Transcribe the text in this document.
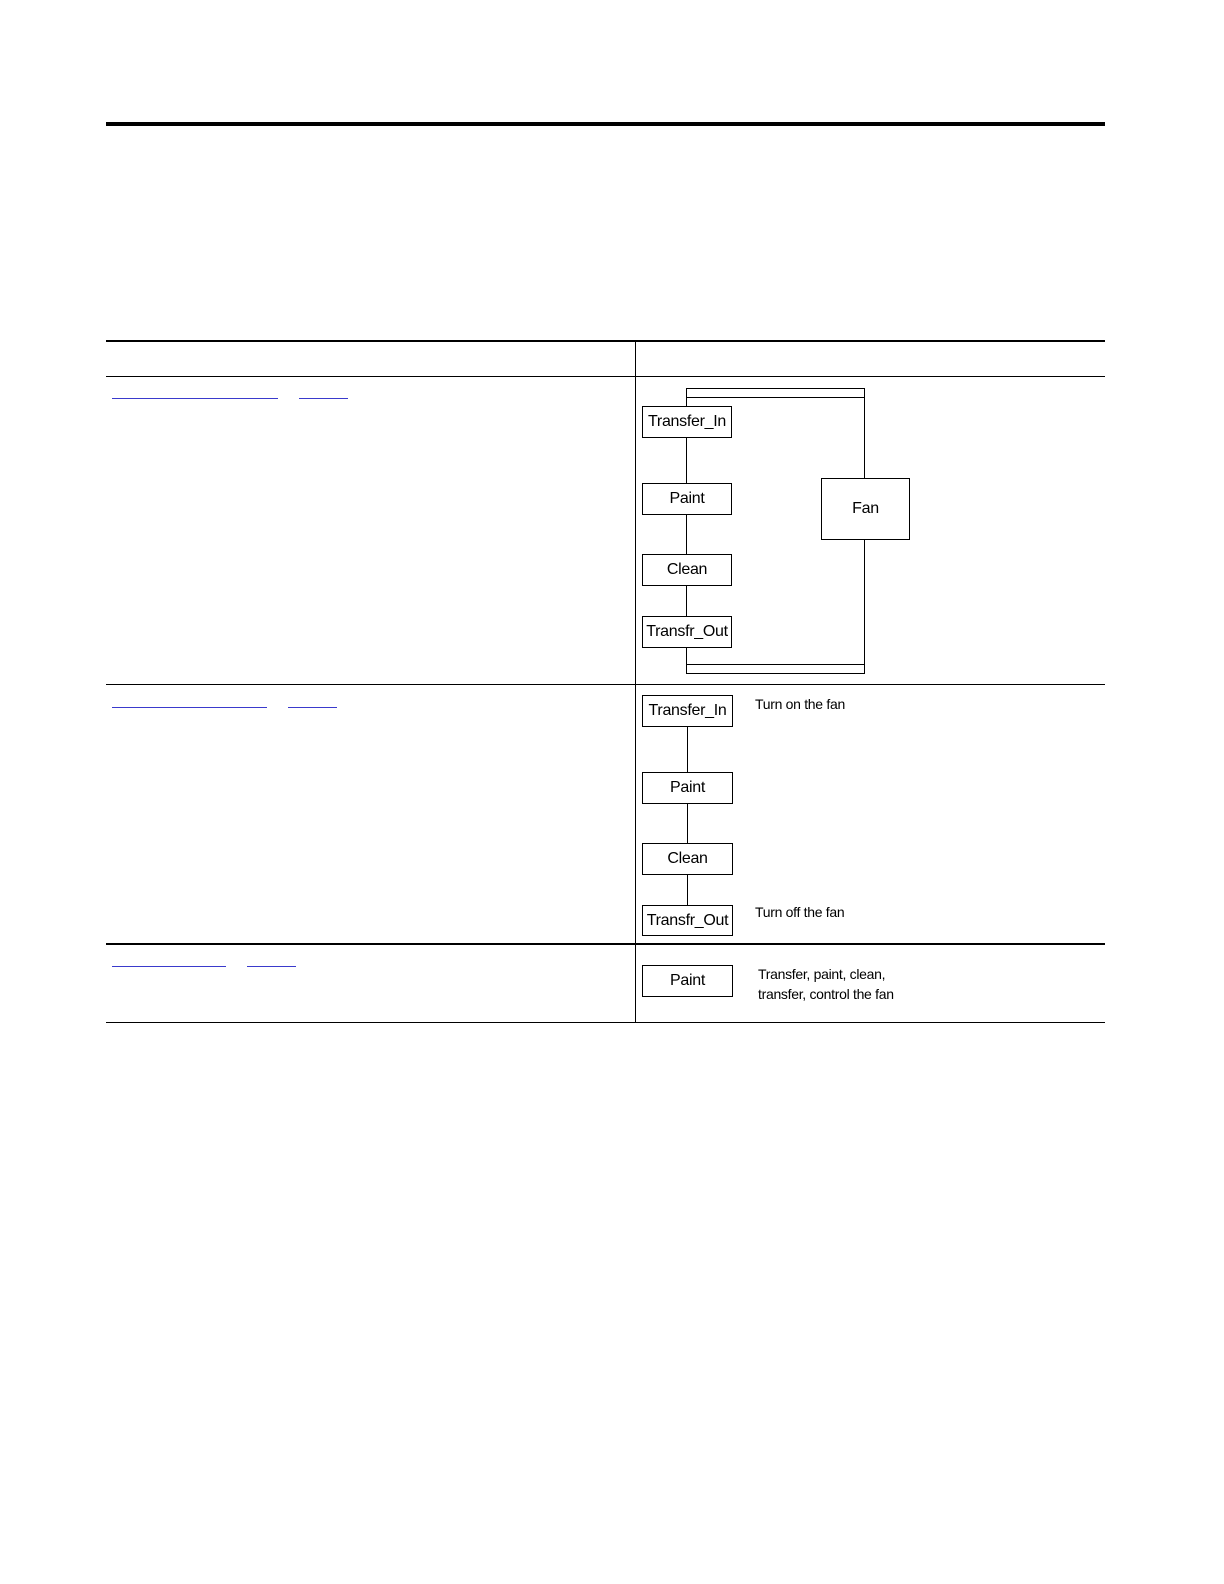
Transfer_In
Paint
Clean
Transfr_Out
Fan
Transfer_In
Paint
Clean
Transfr_Out
Turn on the fan
Turn off the fan
Paint	Transfer, paint, clean,
transfer, control the fan
